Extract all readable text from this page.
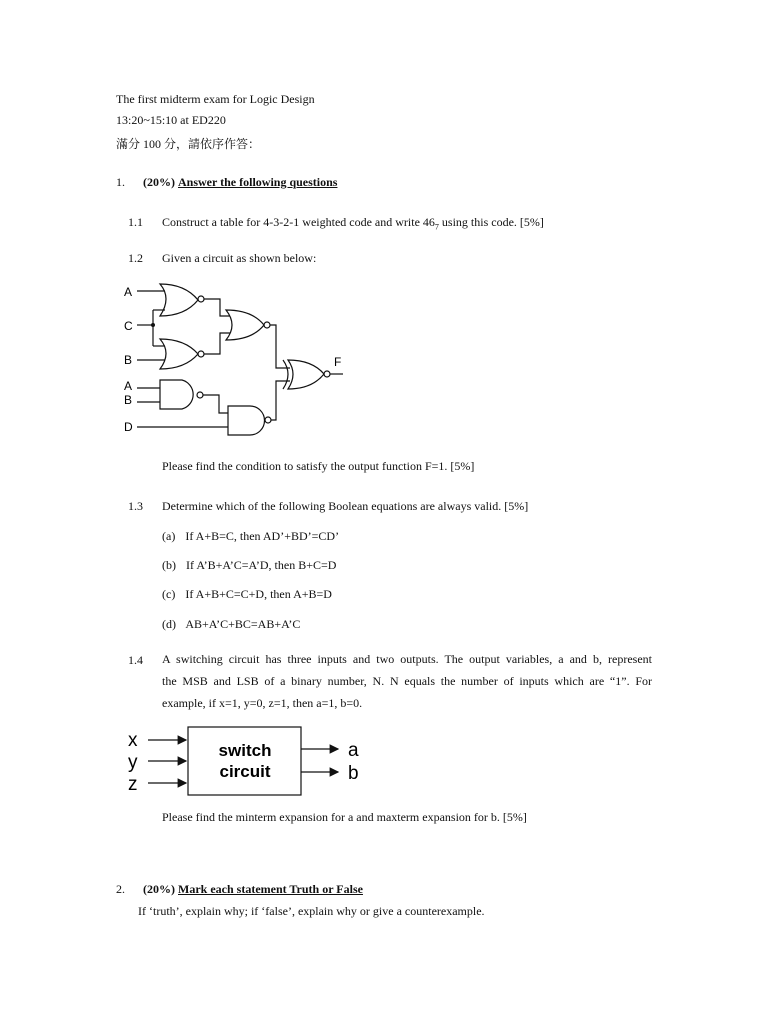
The first midterm exam for Logic Design
13:20~15:10 at ED220
滿分 100 分，請依序作答：
1. (20%) Answer the following questions
1.1 Construct a table for 4-3-2-1 weighted code and write $46_7$ using this code. [5%]
1.2 Given a circuit as shown below:
A
C
B
A
B
D
F
Please find the condition to satisfy the output function F=1. [5%]
1.3 Determine which of the following Boolean equations are always valid. [5%]
(a) If A+B=C, then AD’+BD’=CD’
(b) If A’B+A’C=A’D, then B+C=D
(c) If A+B+C=C+D, then A+B=D
(d) AB+A’C+BC=AB+A’C
1.4 A switching circuit has three inputs and two outputs. The output variables, a and b, represent
the MSB and LSB of a binary number, N. N equals the number of inputs which are “1”. For
example, if x=1, y=0, z=1, then a=1, b=0.
x
y
z
switch
circuit
a
b
Please find the minterm expansion for a and maxterm expansion for b. [5%]
2. (20%) Mark each statement Truth or False
If ‘truth’, explain why; if ‘false’, explain why or give a counterexample.
